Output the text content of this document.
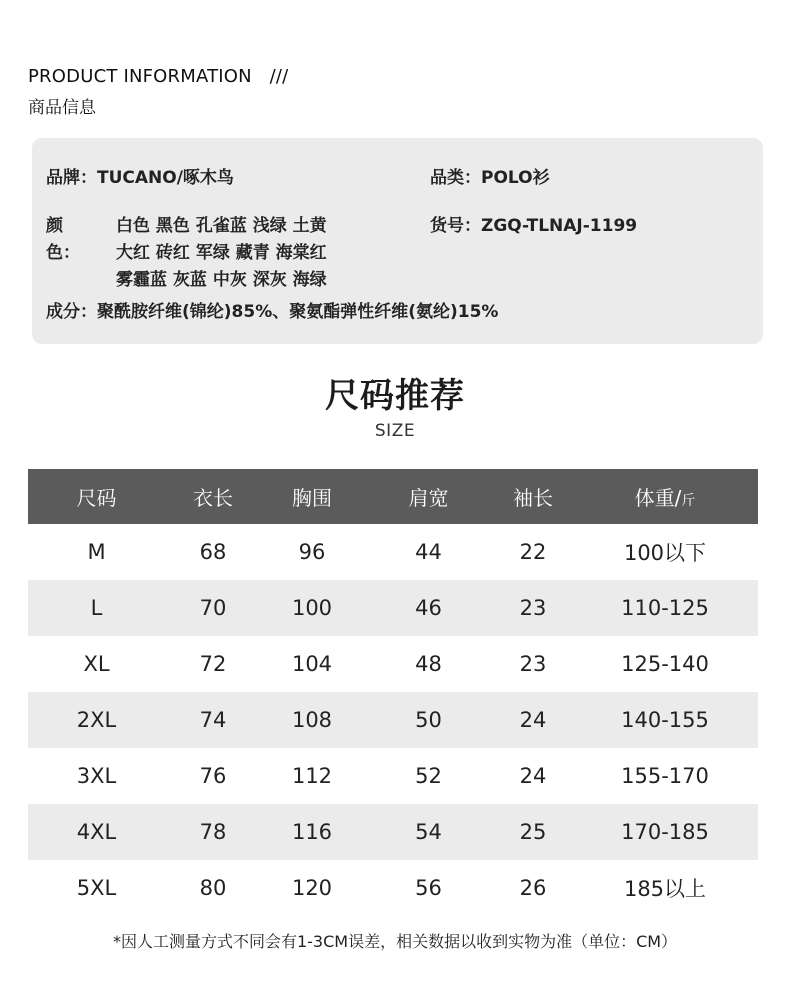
PRODUCT INFORMATION   ///
商品信息
品牌：TUCANO/啄木鸟	品类：POLO衫
颜色：
白色 黑色 孔雀蓝 浅绿 土黄
大红 砖红 军绿 藏青 海棠红
雾霾蓝 灰蓝 中灰 深灰 海绿
货号：ZGQ-TLNAJ-1199
成分：聚酰胺纤维(锦纶)85%、聚氨酯弹性纤维(氨纶)15%
尺码推荐
SIZE
尺码	衣长	胸围	肩宽	袖长	体重/斤
M	68	96	44	22	100以下
L	70	100	46	23	110-125
XL	72	104	48	23	125-140
2XL	74	108	50	24	140-155
3XL	76	112	52	24	155-170
4XL	78	116	54	25	170-185
5XL	80	120	56	26	185以上
*因人工测量方式不同会有1-3CM误差，相关数据以收到实物为准（单位：CM）
